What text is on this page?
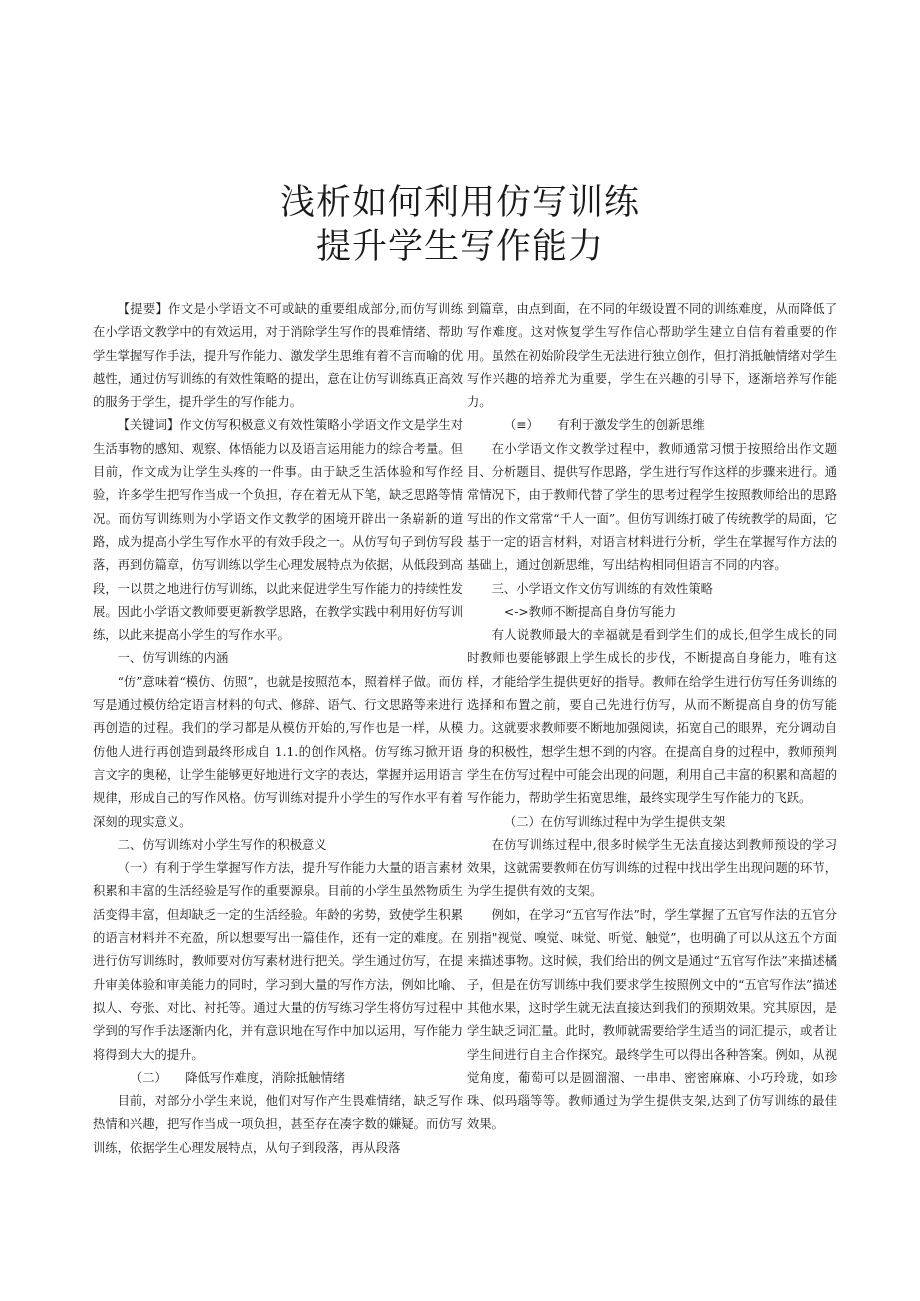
浅析如何利用仿写训练
提升学生写作能力

【提要】作文是小学语文不可或缺的重要组成部分,而仿写训练在小学语文教学中的有效运用，对于消除学生写作的畏难情绪、帮助学生掌握写作手法，提升写作能力、激发学生思维有着不言而喻的优越性，通过仿写训练的有效性策略的提出，意在让仿写训练真正高效的服务于学生，提升学生的写作能力。

【关键词】作文仿写积极意义有效性策略小学语文作文是学生对生活事物的感知、观察、体悟能力以及语言运用能力的综合考量。但目前，作文成为让学生头疼的一件事。由于缺乏生活体验和写作经验，许多学生把写作当成一个负担，存在着无从下笔，缺乏思路等情况。而仿写训练则为小学语文作文教学的困境开辟出一条崭新的道路，成为提高小学生写作水平的有效手段之一。从仿写句子到仿写段落，再到仿篇章，仿写训练以学生心理发展特点为依据，从低段到高段，一以贯之地进行仿写训练，以此来促进学生写作能力的持续性发展。因此小学语文教师要更新教学思路，在教学实践中利用好仿写训练，以此来提高小学生的写作水平。

一、仿写训练的内涵

“仿”意味着“模仿、仿照”，也就是按照范本，照着样子做。而仿写是通过模仿给定语言材料的句式、修辞、语气、行文思路等来进行再创造的过程。我们的学习都是从模仿开始的,写作也是一样，从模仿他人进行再创造到最终形成自 1.1.的创作风格。仿写练习掀开语言文字的奥秘，让学生能够更好地进行文字的表达，掌握并运用语言规律，形成自己的写作风格。仿写训练对提升小学生的写作水平有着深刻的现实意义。

二、仿写训练对小学生写作的积极意义

（一）有利于学生掌握写作方法，提升写作能力大量的语言素材积累和丰富的生活经验是写作的重要源泉。目前的小学生虽然物质生活变得丰富，但却缺乏一定的生活经验。年龄的劣势，致使学生积累的语言材料并不充盈，所以想要写出一篇佳作，还有一定的难度。在进行仿写训练时，教师要对仿写素材进行把关。学生通过仿写，在提升审美体验和审美能力的同时，学习到大量的写作方法，例如比喻、拟人、夸张、对比、衬托等。通过大量的仿写练习学生将仿写过程中学到的写作手法逐渐内化，并有意识地在写作中加以运用，写作能力将得到大大的提升。

（二）　　降低写作难度，消除抵触情绪

目前，对部分小学生来说，他们对写作产生畏难情绪，缺乏写作热情和兴趣，把写作当成一项负担，甚至存在凑字数的嫌疑。而仿写训练，依据学生心理发展特点，从句子到段落，再从段落

到篇章，由点到面，在不同的年级设置不同的训练难度，从而降低了写作难度。这对恢复学生写作信心帮助学生建立自信有着重要的作用。虽然在初始阶段学生无法进行独立创作，但打消抵触情绪对学生写作兴趣的培养尤为重要，学生在兴趣的引导下，逐渐培养写作能力。

（≡）　　有利于激发学生的创新思维

在小学语文作文教学过程中，教师通常习惯于按照给出作文题目、分析题目、提供写作思路，学生进行写作这样的步骤来进行。通常情况下，由于教师代替了学生的思考过程学生按照教师给出的思路写出的作文常常“千人一面”。但仿写训练打破了传统教学的局面，它基于一定的语言材料，对语言材料进行分析，学生在掌握写作方法的基础上，通过创新思维，写出结构相同但语言不同的内容。

三、小学语文作文仿写训练的有效性策略

<->教师不断提高自身仿写能力

有人说教师最大的幸福就是看到学生们的成长,但学生成长的同时教师也要能够跟上学生成长的步伐，不断提高自身能力，唯有这样，才能给学生提供更好的指导。教师在给学生进行仿写任务训练的选择和布置之前，要自己先进行仿写，从而不断提高自身的仿写能力。这就要求教师要不断地加强阅读，拓宽自己的眼界，充分调动自身的积极性，想学生想不到的内容。在提高自身的过程中，教师预判学生在仿写过程中可能会出现的问题，利用自己丰富的积累和高超的写作能力，帮助学生拓宽思维，最终实现学生写作能力的飞跃。

（二）在仿写训练过程中为学生提供支架

在仿写训练过程中,很多时候学生无法直接达到教师预设的学习效果，这就需要教师在仿写训练的过程中找出学生出现问题的环节，为学生提供有效的支架。

例如，在学习“五官写作法”时，学生掌握了五官写作法的五官分别指"视觉、嗅觉、味觉、听觉、触觉”，也明确了可以从这五个方面来描述事物。这时候，我们给出的例文是通过“五官写作法”来描述橘子，但是在仿写训练中我们要求学生按照例文中的“五官写作法”描述其他水果，这时学生就无法直接达到我们的预期效果。究其原因，是学生缺乏词汇量。此时，教师就需要给学生适当的词汇提示，或者让学生间进行自主合作探究。最终学生可以得出各种答案。例如，从视觉角度，葡萄可以是圆溜溜、一串串、密密麻麻、小巧玲珑，如珍珠、似玛瑙等等。教师通过为学生提供支架,达到了仿写训练的最佳效果。
